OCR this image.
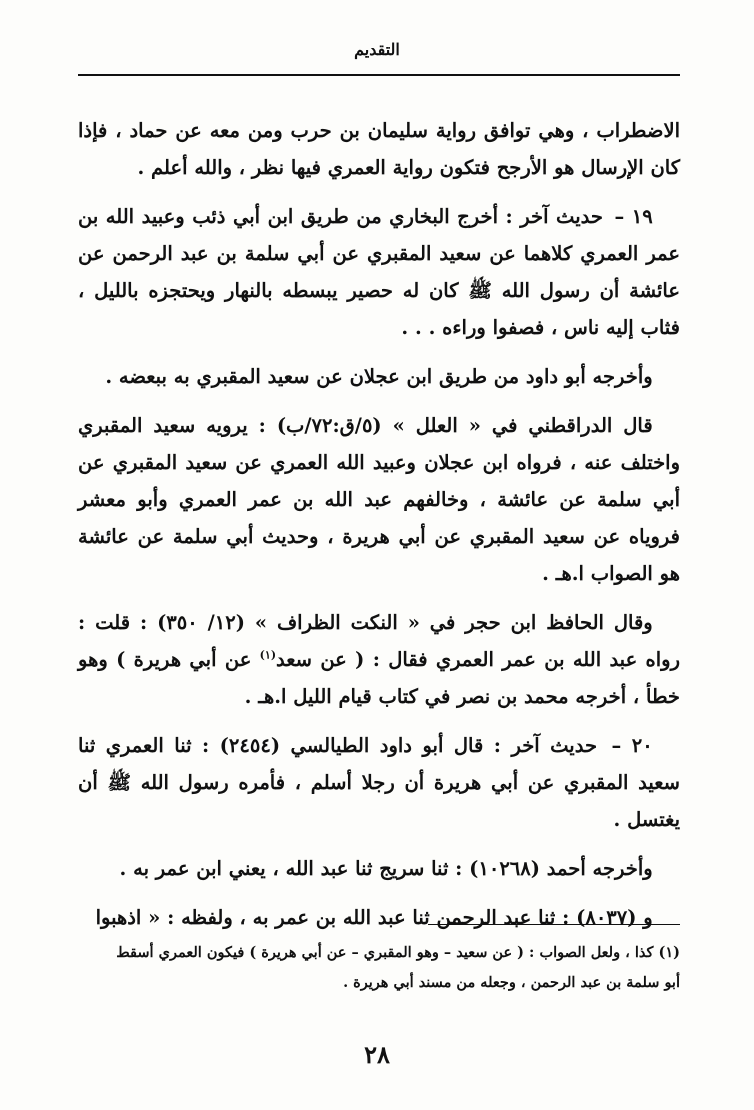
التقديم

الاضطراب ، وهي توافق رواية سليمان بن حرب ومن معه عن حماد ، فإذا كان الإرسال هو الأرجح فتكون رواية العمري فيها نظر ، والله أعلم .

١٩ – حديث آخر : أخرج البخاري من طريق ابن أبي ذئب وعبيد الله بن عمر العمري كلاهما عن سعيد المقبري عن أبي سلمة بن عبد الرحمن عن عائشة أن رسول الله ﷺ كان له حصير يبسطه بالنهار ويحتجزه بالليل ، فثاب إليه ناس ، فصفوا وراءه . . .

وأخرجه أبو داود من طريق ابن عجلان عن سعيد المقبري به ببعضه .

قال الدراقطني في « العلل » (٥/ق:٧٢/ب) : يرويه سعيد المقبري واختلف عنه ، فرواه ابن عجلان وعبيد الله العمري عن سعيد المقبري عن أبي سلمة عن عائشة ، وخالفهم عبد الله بن عمر العمري وأبو معشر فروياه عن سعيد المقبري عن أبي هريرة ، وحديث أبي سلمة عن عائشة هو الصواب ا.هـ .

وقال الحافظ ابن حجر في « النكت الظراف » (١٢/ ٣٥٠) : قلت : رواه عبد الله بن عمر العمري فقال : ( عن سعد$^{(١)}$ عن أبي هريرة ) وهو خطأ ، أخرجه محمد بن نصر في كتاب قيام الليل ا.هـ .

٢٠ – حديث آخر : قال أبو داود الطيالسي (٢٤٥٤) : ثنا العمري ثنا سعيد المقبري عن أبي هريرة أن رجلا أسلم ، فأمره رسول الله ﷺ أن يغتسل .

وأخرجه أحمد (١٠٢٦٨) : ثنا سريج ثنا عبد الله ، يعني ابن عمر به .

و (٨٠٣٧) : ثنا عبد الرحمن ثنا عبد الله بن عمر به ، ولفظه : « اذهبوا

(١) كذا ، ولعل الصواب : ( عن سعيد – وهو المقبري – عن أبي هريرة ) فيكون العمري أسقط

أبو سلمة بن عبد الرحمن ، وجعله من مسند أبي هريرة .

٢٨
